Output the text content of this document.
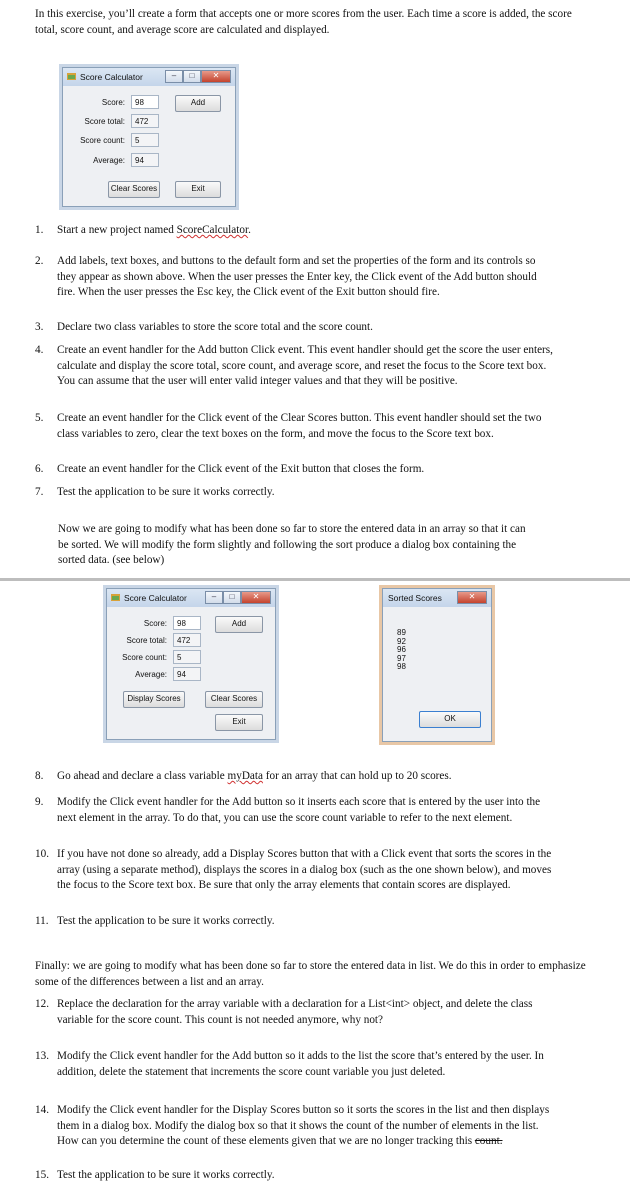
In this exercise, you’ll create a form that accepts one or more scores from the user. Each time a score is added, the score total, score count, and average score are calculated and displayed.

Score Calculator	–	□	✕
Score:	98	Add
Score total:	472
Score count:	5
Average:	94
Clear Scores	Exit
1.	Start a new project named ScoreCalculator.
2.	Add labels, text boxes, and buttons to the default form and set the properties of the form and its controls so they appear as shown above. When the user presses the Enter key, the Click event of the Add button should fire. When the user presses the Esc key, the Click event of the Exit button should fire.
3.	Declare two class variables to store the score total and the score count.
4.	Create an event handler for the Add button Click event. This event handler should get the score the user enters, calculate and display the score total, score count, and average score, and reset the focus to the Score text box. You can assume that the user will enter valid integer values and that they will be positive.
5.	Create an event handler for the Click event of the Clear Scores button. This event handler should set the two class variables to zero, clear the text boxes on the form, and move the focus to the Score text box.
6.	Create an event handler for the Click event of the Exit button that closes the form.
7.	Test the application to be sure it works correctly.

Now we are going to modify what has been done so far to store the entered data in an array so that it can be sorted. We will modify the form slightly and following the sort produce a dialog box containing the sorted data. (see below)

Score Calculator	–	□	✕
Score:	98	Add
Score total:	472
Score count:	5
Average:	94
Display Scores	Clear Scores
Exit
Sorted Scores	✕
89
92
96
97
98
OK
8.	Go ahead and declare a class variable myData for an array that can hold up to 20 scores.
9.	Modify the Click event handler for the Add button so it inserts each score that is entered by the user into the next element in the array. To do that, you can use the score count variable to refer to the next element.
10. If you have not done so already, add a Display Scores button that with a Click event that sorts the scores in the array (using a separate method), displays the scores in a dialog box (such as the one shown below), and moves the focus to the Score text box. Be sure that only the array elements that contain scores are displayed.
11. Test the application to be sure it works correctly.

Finally: we are going to modify what has been done so far to store the entered data in list. We do this in order to emphasize some of the differences between a list and an array.

12. Replace the declaration for the array variable with a declaration for a List<int> object, and delete the class variable for the score count. This count is not needed anymore, why not?
13. Modify the Click event handler for the Add button so it adds to the list the score that’s entered by the user. In addition, delete the statement that increments the score count variable you just deleted.
14. Modify the Click event handler for the Display Scores button so it sorts the scores in the list and then displays them in a dialog box. Modify the dialog box so that it shows the count of the number of elements in the list. How can you determine the count of these elements given that we are no longer tracking this count.
15. Test the application to be sure it works correctly.
